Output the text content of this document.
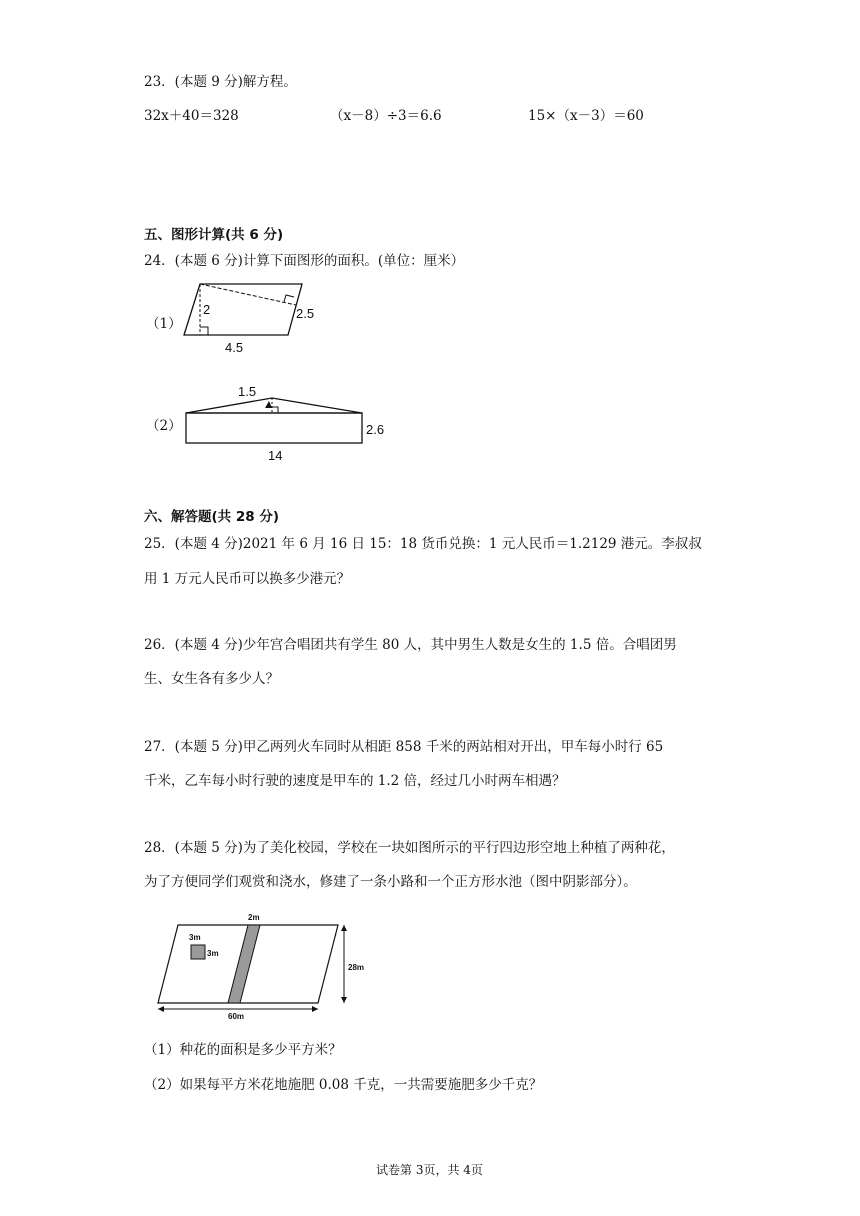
23．(本题 9 分)解方程。
32x＋40＝328	（x－8）÷3＝6.6	15×（x－3）＝60
五、图形计算(共 6 分)
24．(本题 6 分)计算下面图形的面积。(单位：厘米）
（1）
2	2.5
4.5
（2）
1.5
2.6
14
六、解答题(共 28 分)
25．(本题 4 分)2021 年 6 月 16 日 15：18 货币兑换：1 元人民币＝1.2129 港元。李叔叔
用 1 万元人民币可以换多少港元？
26．(本题 4 分)少年宫合唱团共有学生 80 人，其中男生人数是女生的 1.5 倍。合唱团男
生、女生各有多少人？
27．(本题 5 分)甲乙两列火车同时从相距 858 千米的两站相对开出，甲车每小时行 65
千米，乙车每小时行驶的速度是甲车的 1.2 倍，经过几小时两车相遇？
28．(本题 5 分)为了美化校园，学校在一块如图所示的平行四边形空地上种植了两种花，
为了方便同学们观赏和浇水，修建了一条小路和一个正方形水池（图中阴影部分）。
2m
3m
3m
28m
60m
（1）种花的面积是多少平方米？
（2）如果每平方米花地施肥 0.08 千克，一共需要施肥多少千克？
试卷第 3页，共 4页
